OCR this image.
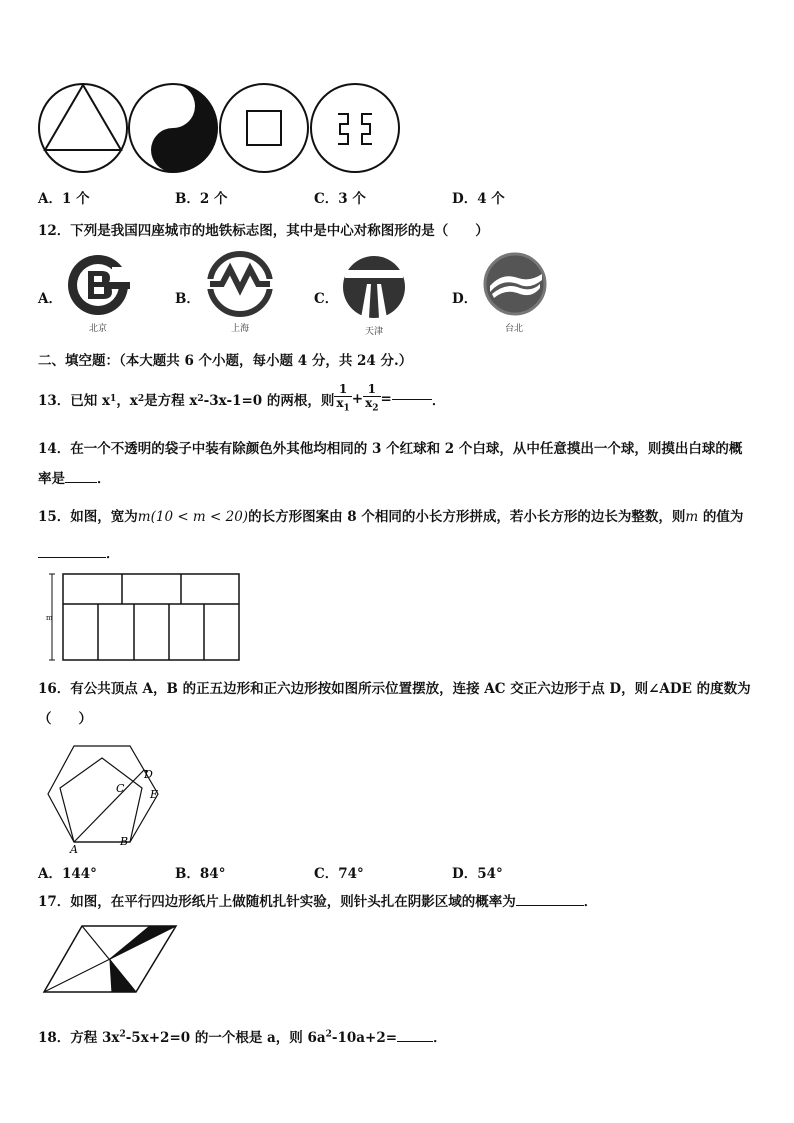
A．1 个	B．2 个	C．3 个	D．4 个
12．下列是我国四座城市的地铁标志图，其中是中心对称图形的是（　　）
A．	B．	C．	D．
北京	上海	天津	台北
二、填空题：（本大题共 6 个小题，每小题 4 分，共 24 分.）
13．已知 x 1 ，x 2 是方程 x 2 -3x-1=0 的两根，则 $\frac{1}{x_1} + \frac{1}{x_2}$ =	．
14．在一个不透明的袋子中装有除颜色外其他均相同的 3 个红球和 2 个白球，从中任意摸出一个球，则摸出白球的概
率是 ．
15．如图，宽为m(10 < m < 20)的长方形图案由 8 个相同的小长方形拼成，若小长方形的边长为整数，则m 的值为
．
m
16．有公共顶点 A，B 的正五边形和正六边形按如图所示位置摆放，连接 AC 交正六边形于点 D，则∠ADE 的度数为
（　　）
A
B
C
D
E
A．144°	B．84°	C．74°	D．54°
17．如图，在平行四边形纸片上做随机扎针实验，则针头扎在阴影区域的概率为	．
18．方程 $3x^2-5x+2=0$ 的一个根是 a，则 $6a^2-10a+2=$	．
